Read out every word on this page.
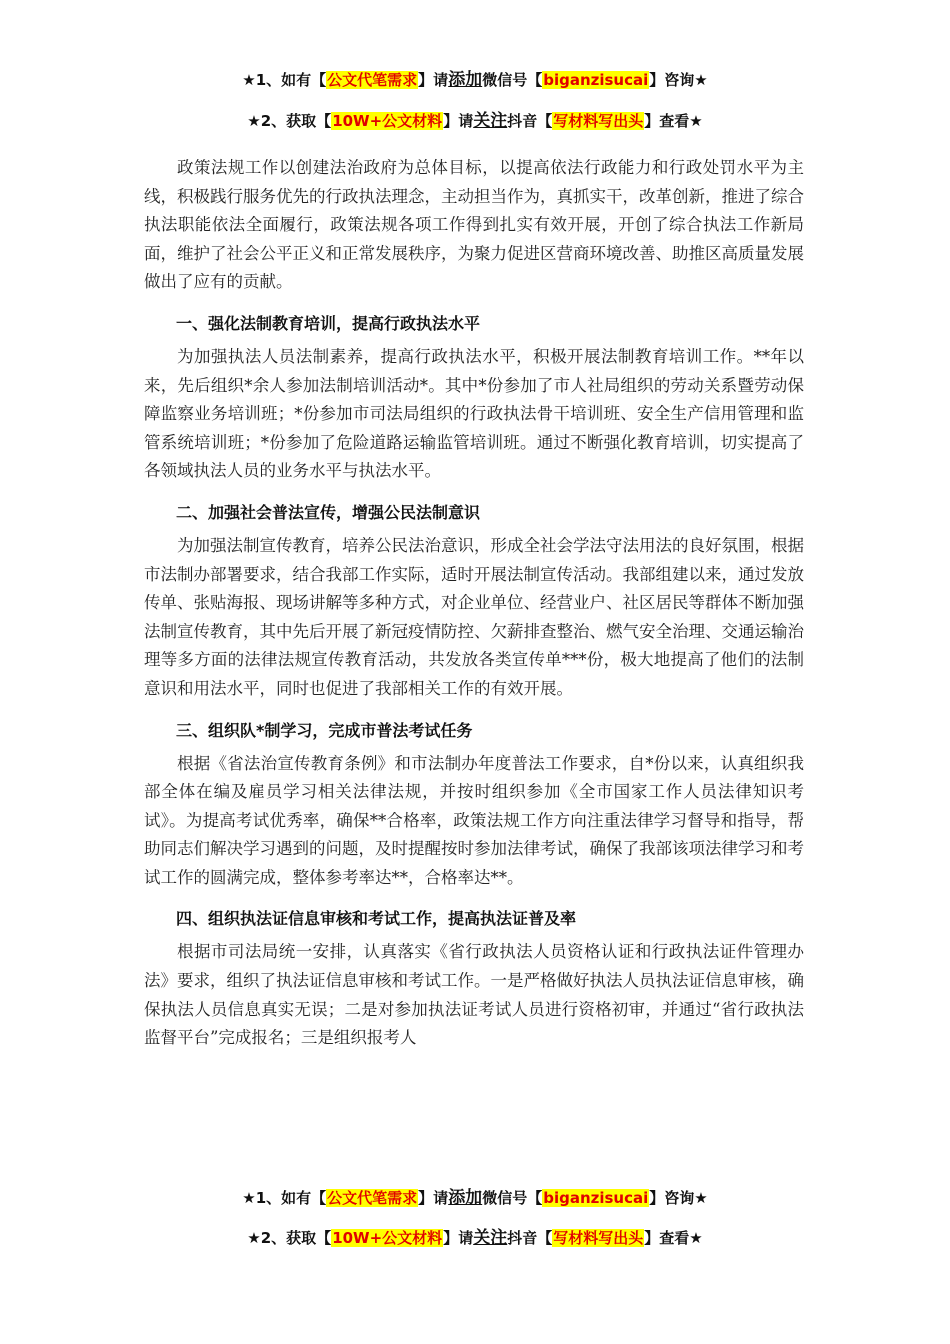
★1、如有【公文代笔需求】请添加微信号【biganzisucai】咨询★
★2、获取【10W+公文材料】请关注抖音【写材料写出头】查看★

政策法规工作以创建法治政府为总体目标，以提高依法行政能力和行政处罚水平为主线，积极践行服务优先的行政执法理念，主动担当作为，真抓实干，改革创新，推进了综合执法职能依法全面履行，政策法规各项工作得到扎实有效开展，开创了综合执法工作新局面，维护了社会公平正义和正常发展秩序，为聚力促进区营商环境改善、助推区高质量发展做出了应有的贡献。

一、强化法制教育培训，提高行政执法水平

为加强执法人员法制素养，提高行政执法水平，积极开展法制教育培训工作。**年以来，先后组织*余人参加法制培训活动*。其中*份参加了市人社局组织的劳动关系暨劳动保障监察业务培训班；*份参加市司法局组织的行政执法骨干培训班、安全生产信用管理和监管系统培训班；*份参加了危险道路运输监管培训班。通过不断强化教育培训，切实提高了各领域执法人员的业务水平与执法水平。

二、加强社会普法宣传，增强公民法制意识

为加强法制宣传教育，培养公民法治意识，形成全社会学法守法用法的良好氛围，根据市法制办部署要求，结合我部工作实际，适时开展法制宣传活动。我部组建以来，通过发放传单、张贴海报、现场讲解等多种方式，对企业单位、经营业户、社区居民等群体不断加强法制宣传教育，其中先后开展了新冠疫情防控、欠薪排查整治、燃气安全治理、交通运输治理等多方面的法律法规宣传教育活动，共发放各类宣传单***份，极大地提高了他们的法制意识和用法水平，同时也促进了我部相关工作的有效开展。

三、组织队*制学习，完成市普法考试任务

根据《省法治宣传教育条例》和市法制办年度普法工作要求，自*份以来，认真组织我部全体在编及雇员学习相关法律法规，并按时组织参加《全市国家工作人员法律知识考试》。为提高考试优秀率，确保**合格率，政策法规工作方向注重法律学习督导和指导，帮助同志们解决学习遇到的问题，及时提醒按时参加法律考试，确保了我部该项法律学习和考试工作的圆满完成，整体参考率达**，合格率达**。

四、组织执法证信息审核和考试工作，提高执法证普及率

根据市司法局统一安排，认真落实《省行政执法人员资格认证和行政执法证件管理办法》要求，组织了执法证信息审核和考试工作。一是严格做好执法人员执法证信息审核，确保执法人员信息真实无误；二是对参加执法证考试人员进行资格初审，并通过“省行政执法监督平台”完成报名；三是组织报考人

★1、如有【公文代笔需求】请添加微信号【biganzisucai】咨询★
★2、获取【10W+公文材料】请关注抖音【写材料写出头】查看★
